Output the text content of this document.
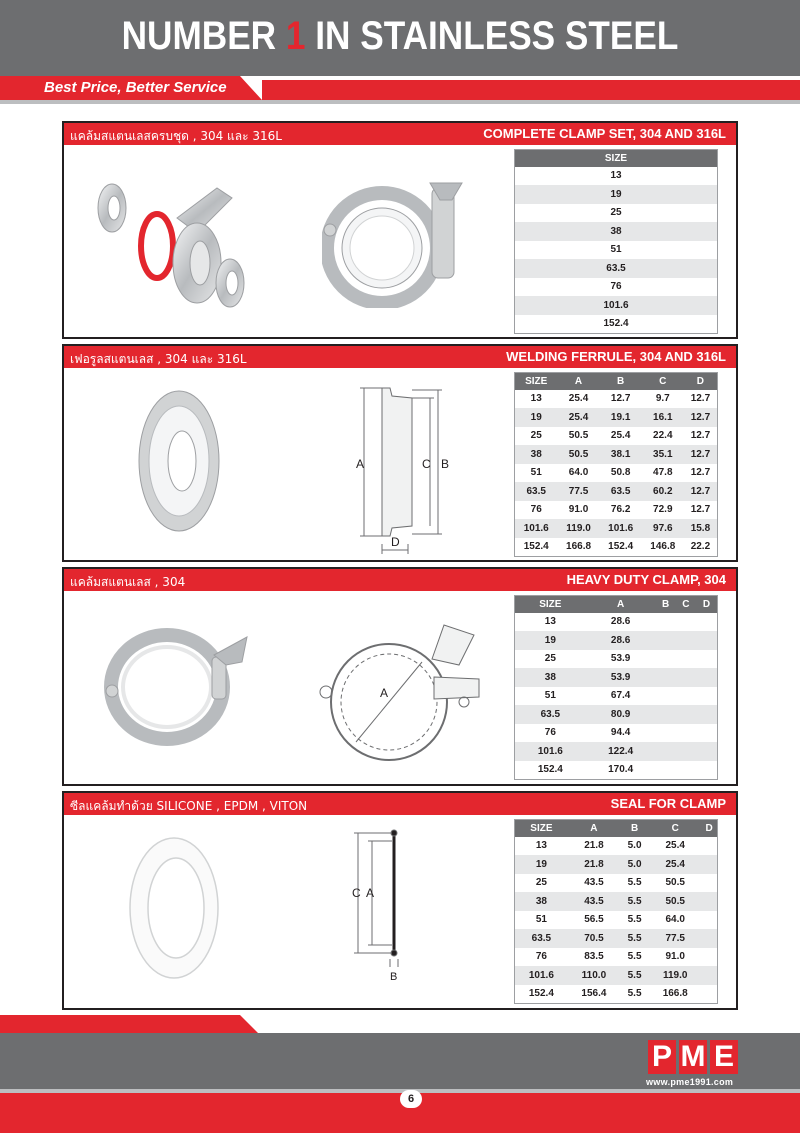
NUMBER 1 IN STAINLESS STEEL
Best Price, Better Service
แคล้มสแตนเลสครบชุด , 304 และ 316L	COMPLETE CLAMP SET, 304 AND 316L
SIZE
13
19
25
38
51
63.5
76
101.6
152.4
เฟอรูลสแตนเลส , 304 และ 316L	WELDING FERRULE, 304 AND 316L
A	C B
D
SIZE	A	B	C	D
13	25.4	12.7	9.7	12.7
19	25.4	19.1	16.1	12.7
25	50.5	25.4	22.4	12.7
38	50.5	38.1	35.1	12.7
51	64.0	50.8	47.8	12.7
63.5	77.5	63.5	60.2	12.7
76	91.0	76.2	72.9	12.7
101.6	119.0	101.6	97.6	15.8
152.4	166.8	152.4	146.8	22.2
แคล้มสแตนเลส , 304	HEAVY DUTY CLAMP, 304
A
SIZE	A	B	C	D
13	28.6			
19	28.6			
25	53.9			
38	53.9			
51	67.4			
63.5	80.9			
76	94.4			
101.6	122.4			
152.4	170.4			
ซีลแคล้มทำด้วย SILICONE , EPDM , VITON	SEAL FOR CLAMP
C A
B
SIZE	A	B	C	D
13	21.8	5.0	25.4	
19	21.8	5.0	25.4	
25	43.5	5.5	50.5	
38	43.5	5.5	50.5	
51	56.5	5.5	64.0	
63.5	70.5	5.5	77.5	
76	83.5	5.5	91.0	
101.6	110.0	5.5	119.0	
152.4	156.4	5.5	166.8	
P M E
www.pme1991.com
6
